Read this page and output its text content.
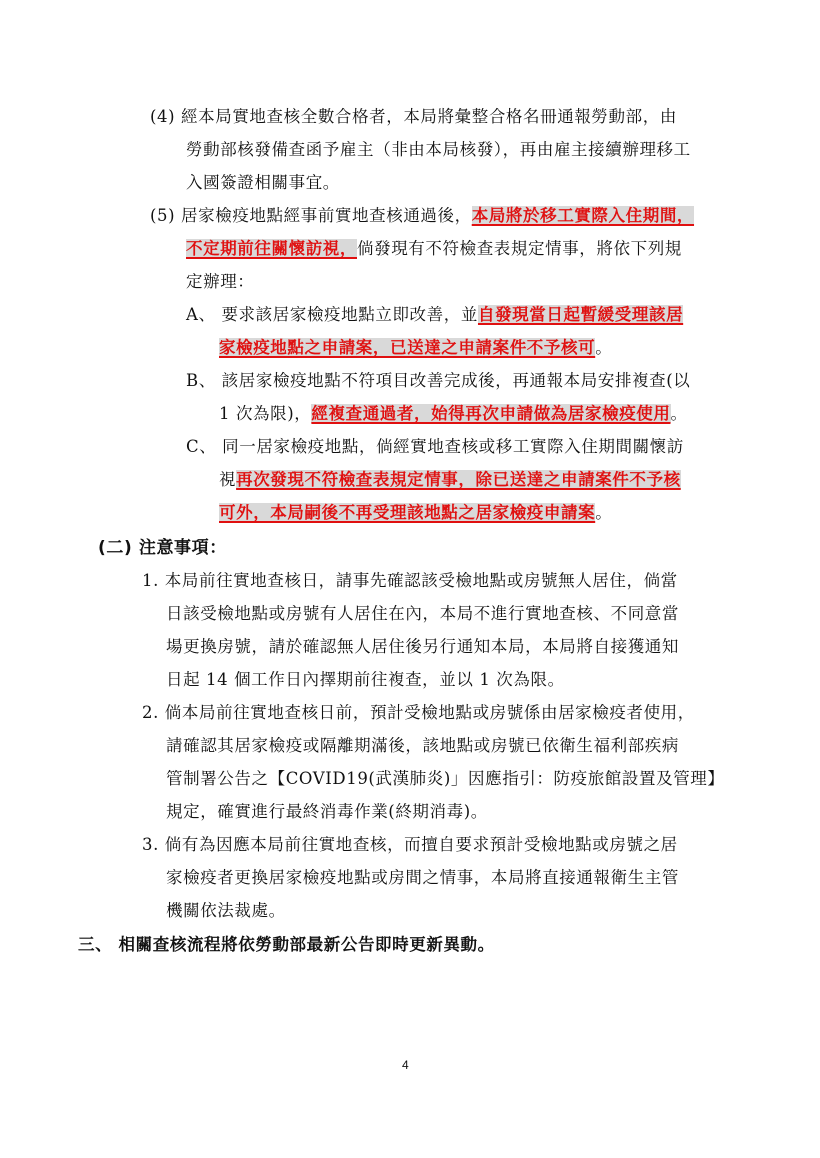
(4) 經本局實地查核全數合格者，本局將彙整合格名冊通報勞動部，由
勞動部核發備查函予雇主（非由本局核發），再由雇主接續辦理移工
入國簽證相關事宜。
(5) 居家檢疫地點經事前實地查核通過後，本局將於移工實際入住期間，
不定期前往關懷訪視，倘發現有不符檢查表規定情事，將依下列規
定辦理：
A、 要求該居家檢疫地點立即改善，並自發現當日起暫緩受理該居
家檢疫地點之申請案，已送達之申請案件不予核可。
B、 該居家檢疫地點不符項目改善完成後，再通報本局安排複查(以
1 次為限)，經複查通過者，始得再次申請做為居家檢疫使用。
C、 同一居家檢疫地點，倘經實地查核或移工實際入住期間關懷訪
視再次發現不符檢查表規定情事，除已送達之申請案件不予核
可外，本局嗣後不再受理該地點之居家檢疫申請案。
(二) 注意事項：
1. 本局前往實地查核日，請事先確認該受檢地點或房號無人居住，倘當
日該受檢地點或房號有人居住在內，本局不進行實地查核、不同意當
場更換房號，請於確認無人居住後另行通知本局，本局將自接獲通知
日起 14 個工作日內擇期前往複查，並以 1 次為限。
2. 倘本局前往實地查核日前，預計受檢地點或房號係由居家檢疫者使用，
請確認其居家檢疫或隔離期滿後，該地點或房號已依衛生福利部疾病
管制署公告之【COVID19(武漢肺炎)」因應指引：防疫旅館設置及管理】
規定，確實進行最終消毒作業(終期消毒)。
3. 倘有為因應本局前往實地查核，而擅自要求預計受檢地點或房號之居
家檢疫者更換居家檢疫地點或房間之情事，本局將直接通報衛生主管
機關依法裁處。
三、 相關查核流程將依勞動部最新公告即時更新異動。
4
